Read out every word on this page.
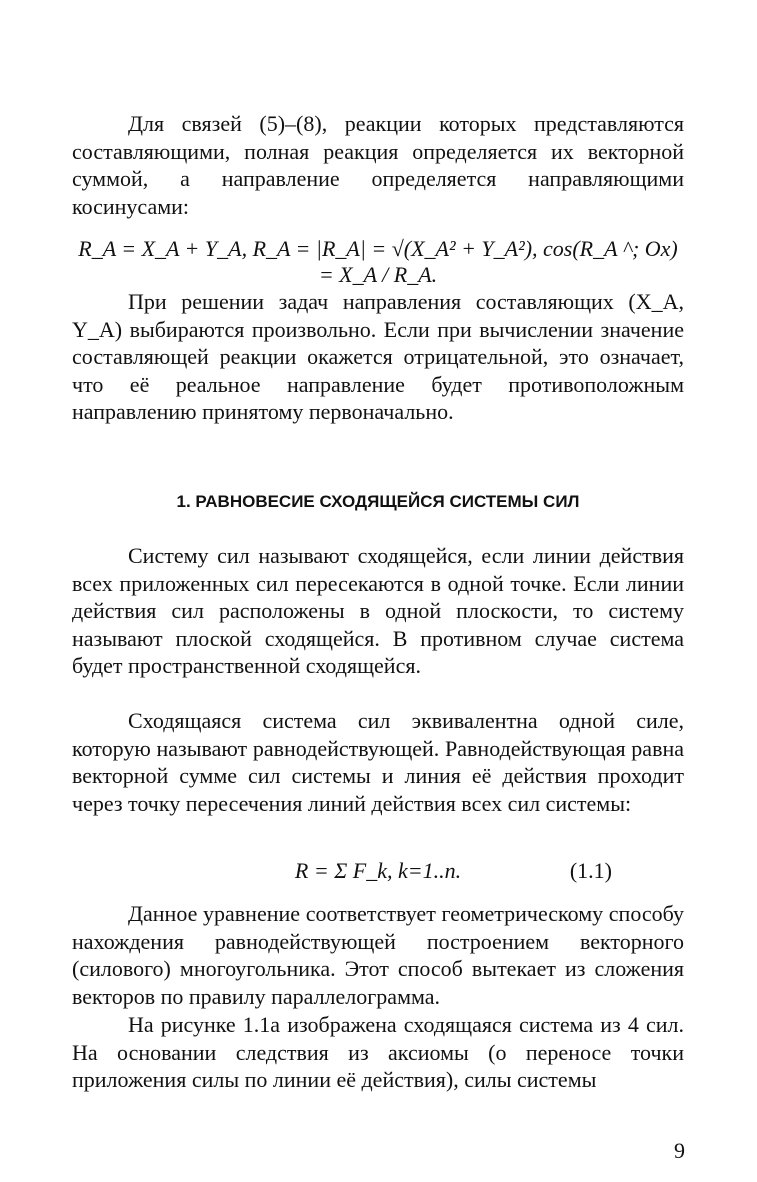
Для связей (5)–(8), реакции которых представляются составляющими, полная реакция определяется их векторной суммой, а направление определяется направляющими косинусами:

R_A = X_A + Y_A, R_A = |R_A| = √(X_A² + Y_A²), cos(R_A ^; Ox) = X_A / R_A.

При решении задач направления составляющих (X_A, Y_A) выбираются произвольно. Если при вычислении значение составляющей реакции окажется отрицательной, это означает, что её реальное направление будет противоположным направлению принятому первоначально.

1. РАВНОВЕСИЕ СХОДЯЩЕЙСЯ СИСТЕМЫ СИЛ

Систему сил называют сходящейся, если линии действия всех приложенных сил пересекаются в одной точке. Если линии действия сил расположены в одной плоскости, то систему называют плоской сходящейся. В противном случае система будет пространственной сходящейся.

Сходящаяся система сил эквивалентна одной силе, которую называют равнодействующей. Равнодействующая равна векторной сумме сил системы и линия её действия проходит через точку пересечения линий действия всех сил системы:

R = Σ F_k, k=1..n.	(1.1)

Данное уравнение соответствует геометрическому способу нахождения равнодействующей построением векторного (силового) многоугольника. Этот способ вытекает из сложения векторов по правилу параллелограмма.

На рисунке 1.1а изображена сходящаяся система из 4 сил. На основании следствия из аксиомы (о переносе точки приложения силы по линии её действия), силы системы

9
